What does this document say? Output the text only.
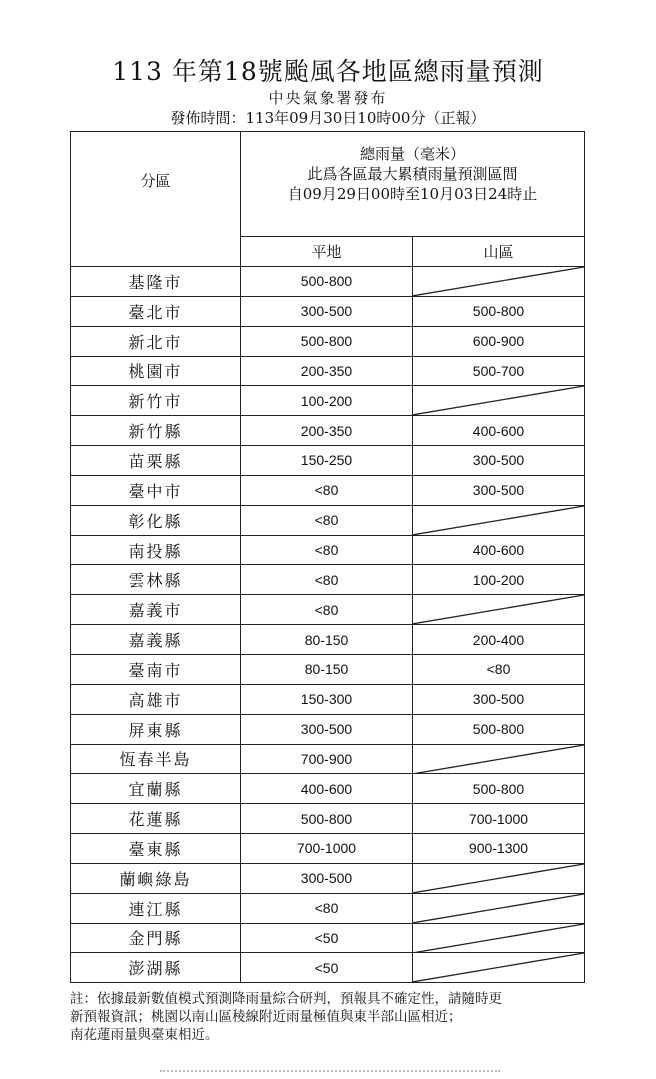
113 年第18號颱風各地區總雨量預測
中央氣象署發布
發佈時間：113年09月30日10時00分（正報）
分區	總雨量（毫米）
此爲各區最大累積雨量預測區間
自09月29日00時至10月03日24時止	

	平地	山區
基隆市	500-800	

臺北市	300-500	500-800
新北市	500-800	600-900
桃園市	200-350	500-700
新竹市	100-200	

新竹縣	200-350	400-600
苗栗縣	150-250	300-500
臺中市	<80	300-500
彰化縣	<80	

南投縣	<80	400-600
雲林縣	<80	100-200
嘉義市	<80	

嘉義縣	80-150	200-400
臺南市	80-150	<80
高雄市	150-300	300-500
屏東縣	300-500	500-800
恆春半島	700-900	

宜蘭縣	400-600	500-800
花蓮縣	500-800	700-1000
臺東縣	700-1000	900-1300
蘭嶼綠島	300-500	

連江縣	<80	

金門縣	<50	

澎湖縣	<50	
註：依據最新數值模式預測降雨量綜合研判，預報具不確定性，請隨時更
新預報資訊；桃園以南山區稜線附近雨量極值與東半部山區相近；
南花蓮雨量與臺東相近。
